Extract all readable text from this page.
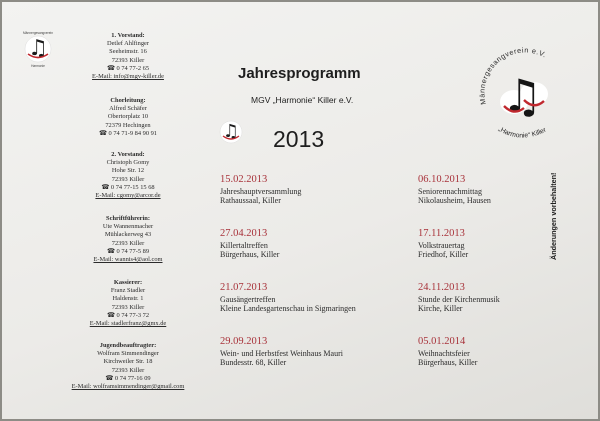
♫
Männergesangverein
Harmonie
1. Vorstand:
Detlef Ahlfinger
Seeheimstr. 16
72393 Killer
☎ 0 74 77-2 65
E-Mail: info@mgv-killer.de
Chorleitung:
Alfred Schäfer
Obertorplatz 10
72379 Hechingen
☎ 0 74 71-9 84 90 91
2. Vorstand:
Christoph Gomy
Hohe Str. 12
72393 Killer
☎ 0 74 77-15 15 68
E-Mail: cgomy@arcor.de
Schriftführerin:
Ute Wannenmacher
Mühlackerweg 43
72393 Killer
☎ 0 74 77-5 89
E-Mail: wannis4@aol.com
Kassierer:
Franz Stadler
Haldenstr. 1
72393 Killer
☎ 0 74 77-3 72
E-Mail: stadlerfranz@gmx.de
Jugendbeauftragter:
Wolfram Simmendinger
Kirchweiler Str. 18
72393 Killer
☎ 0 74 77-16 09
E-Mail: wolframsimmendinger@gmail.com
Jahresprogramm
MGV „Harmonie“ Killer e.V.
2013
♫
Männergesangverein e.V.
„Harmonie“ Killer
♫
15.02.2013
Jahreshauptversammlung
Rathaussaal, Killer
27.04.2013
Killertaltreffen
Bürgerhaus, Killer
21.07.2013
Gausängertreffen
Kleine Landesgartenschau in Sigmaringen
29.09.2013
Wein- und Herbstfest Weinhaus Mauri
Bundesstr. 68, Killer
06.10.2013
Seniorennachmittag
Nikolausheim, Hausen
17.11.2013
Volkstrauertag
Friedhof, Killer
24.11.2013
Stunde der Kirchenmusik
Kirche, Killer
05.01.2014
Weihnachtsfeier
Bürgerhaus, Killer
Änderungen vorbehalten!
